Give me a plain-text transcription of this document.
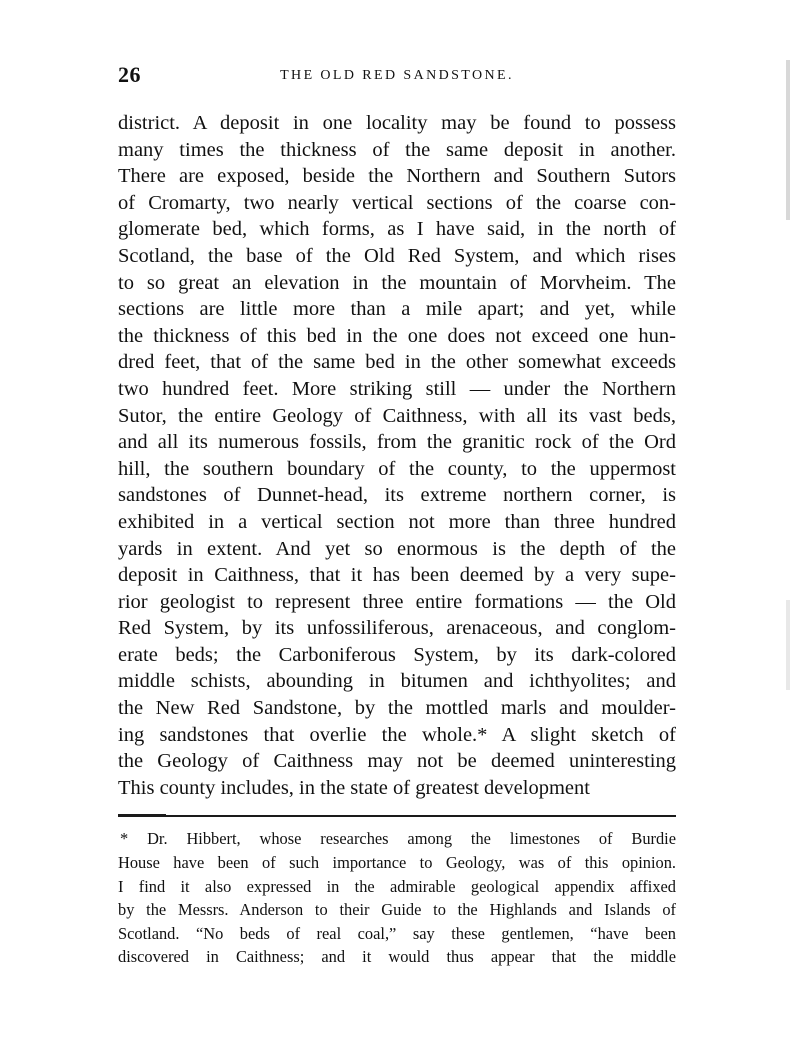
26	THE OLD RED SANDSTONE.
district. A deposit in one locality may be found to possess
many times the thickness of the same deposit in another.
There are exposed, beside the Northern and Southern Sutors
of Cromarty, two nearly vertical sections of the coarse con-
glomerate bed, which forms, as I have said, in the north of
Scotland, the base of the Old Red System, and which rises
to so great an elevation in the mountain of Morvheim. The
sections are little more than a mile apart; and yet, while
the thickness of this bed in the one does not exceed one hun-
dred feet, that of the same bed in the other somewhat exceeds
two hundred feet. More striking still — under the Northern
Sutor, the entire Geology of Caithness, with all its vast beds,
and all its numerous fossils, from the granitic rock of the Ord
hill, the southern boundary of the county, to the uppermost
sandstones of Dunnet-head, its extreme northern corner, is
exhibited in a vertical section not more than three hundred
yards in extent. And yet so enormous is the depth of the
deposit in Caithness, that it has been deemed by a very supe-
rior geologist to represent three entire formations — the Old
Red System, by its unfossiliferous, arenaceous, and conglom-
erate beds; the Carboniferous System, by its dark-colored
middle schists, abounding in bitumen and ichthyolites; and
the New Red Sandstone, by the mottled marls and moulder-
ing sandstones that overlie the whole.* A slight sketch of
the Geology of Caithness may not be deemed uninteresting
This county includes, in the state of greatest development
* Dr. Hibbert, whose researches among the limestones of Burdie
House have been of such importance to Geology, was of this opinion.
I find it also expressed in the admirable geological appendix affixed
by the Messrs. Anderson to their Guide to the Highlands and Islands of
Scotland. “No beds of real coal,” say these gentlemen, “have been
discovered in Caithness; and it would thus appear that the middle
